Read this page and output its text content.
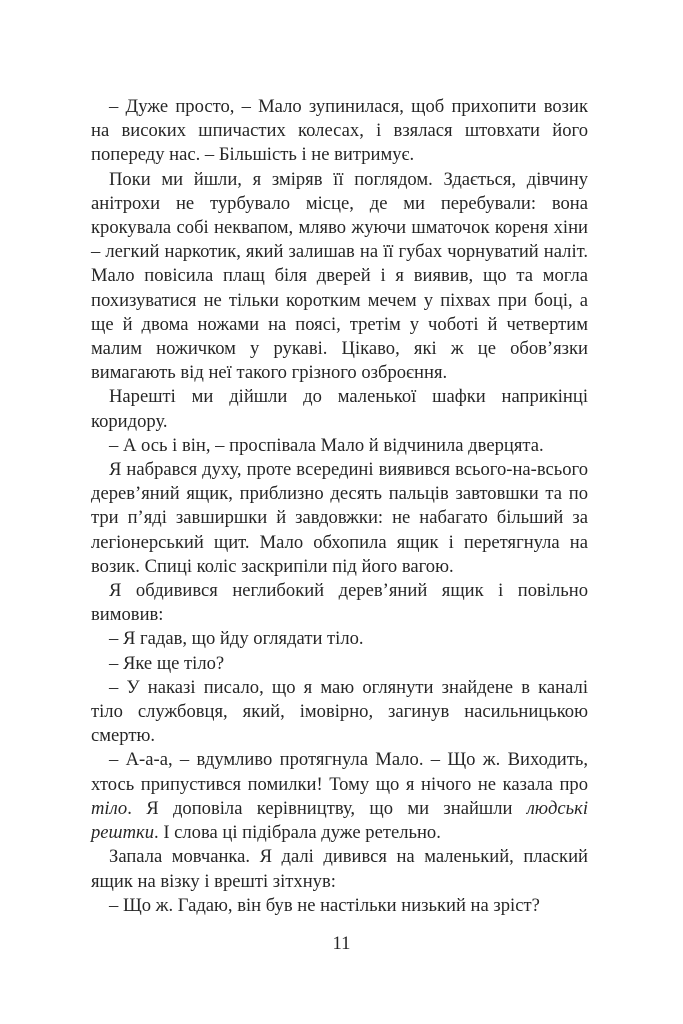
– Дуже просто, – Мало зупинилася, щоб прихопити возик на високих шпичастих колесах, і взялася штовхати його попереду нас. – Більшість і не витримує.

Поки ми йшли, я зміряв її поглядом. Здається, дівчину анітрохи не турбувало місце, де ми перебували: вона крокувала собі неквапом, мляво жуючи шматочок кореня хіни – легкий наркотик, який залишав на її губах чорнуватий наліт. Мало повісила плащ біля дверей і я виявив, що та могла похизуватися не тільки коротким мечем у піхвах при боці, а ще й двома ножами на поясі, третім у чоботі й четвертим малим ножичком у рукаві. Цікаво, які ж це обов’язки вимагають від неї такого грізного озброєння.

Нарешті ми дійшли до маленької шафки наприкінці коридору.

– А ось і він, – проспівала Мало й відчинила дверцята.

Я набрався духу, проте всередині виявився всього-на-всього дерев’яний ящик, приблизно десять пальців завтовшки та по три п’яді завширшки й завдовжки: не набагато більший за легіонерський щит. Мало обхопила ящик і перетягнула на возик. Спиці коліс заскрипіли під його вагою.

Я обдивився неглибокий дерев’яний ящик і повільно вимовив:

– Я гадав, що йду оглядати тіло.

– Яке ще тіло?

– У наказі писало, що я маю оглянути знайдене в каналі тіло службовця, який, імовірно, загинув насильницькою смертю.

– А-а-а, – вдумливо протягнула Мало. – Що ж. Виходить, хтось припустився помилки! Тому що я нічого не казала про тіло. Я доповіла керівництву, що ми знайшли людські рештки. І слова ці підібрала дуже ретельно.

Запала мовчанка. Я далі дивився на маленький, плаский ящик на візку і врешті зітхнув:

– Що ж. Гадаю, він був не настільки низький на зріст?

11
